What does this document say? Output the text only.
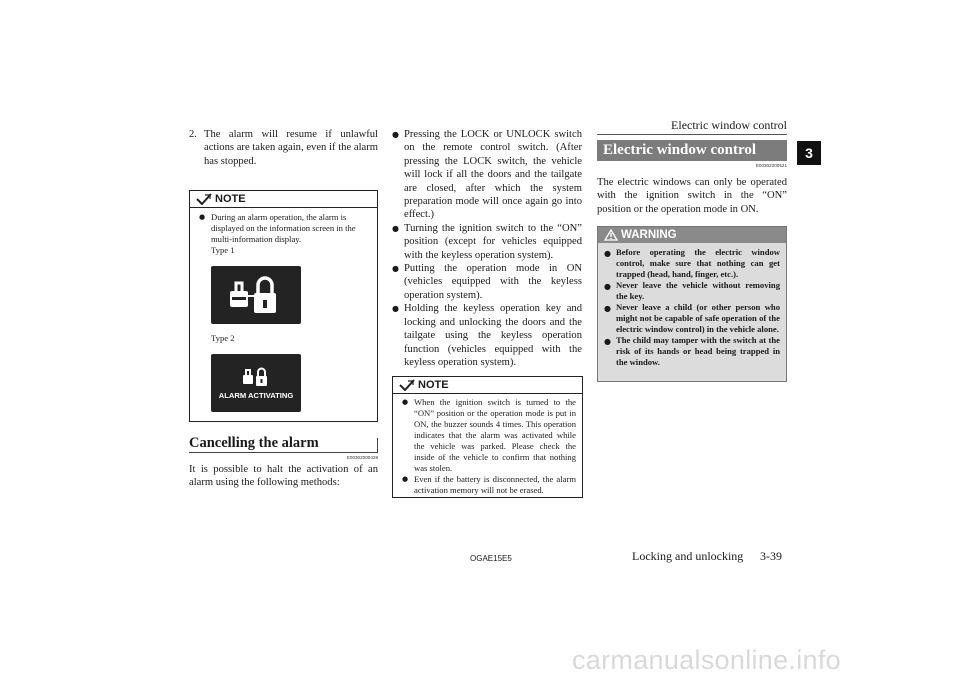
Electric window control
3
2. The alarm will resume if unlawful actions are taken again, even if the alarm has stopped.
NOTE
● During an alarm operation, the alarm is displayed on the information screen in the multi-information display.
Type 1
Type 2
ALARM ACTIVATING
Cancelling the alarm
E00302000428
It is possible to halt the activation of an alarm using the following methods:
● Pressing the LOCK or UNLOCK switch on the remote control switch. (After pressing the LOCK switch, the vehicle will lock if all the doors and the tailgate are closed, after which the system preparation mode will once again go into effect.)
● Turning the ignition switch to the “ON” position (except for vehicles equipped with the keyless operation system).
● Putting the operation mode in ON (vehicles equipped with the keyless operation system).
● Holding the keyless operation key and locking and unlocking the doors and the tailgate using the keyless operation function (vehicles equipped with the keyless operation system).
NOTE
● When the ignition switch is turned to the “ON” position or the operation mode is put in ON, the buzzer sounds 4 times. This operation indicates that the alarm was activated while the vehicle was parked. Please check the inside of the vehicle to confirm that nothing was stolen.
● Even if the battery is disconnected, the alarm activation memory will not be erased.
Electric window control
E00302200521
The electric windows can only be operated with the ignition switch in the “ON” position or the operation mode in ON.
WARNING
● Before operating the electric window control, make sure that nothing can get trapped (head, hand, finger, etc.).
● Never leave the vehicle without removing the key.
● Never leave a child (or other person who might not be capable of safe operation of the electric window control) in the vehicle alone.
● The child may tamper with the switch at the risk of its hands or head being trapped in the window.
OGAE15E5	Locking and unlocking 3-39
carmanualsonline.info
